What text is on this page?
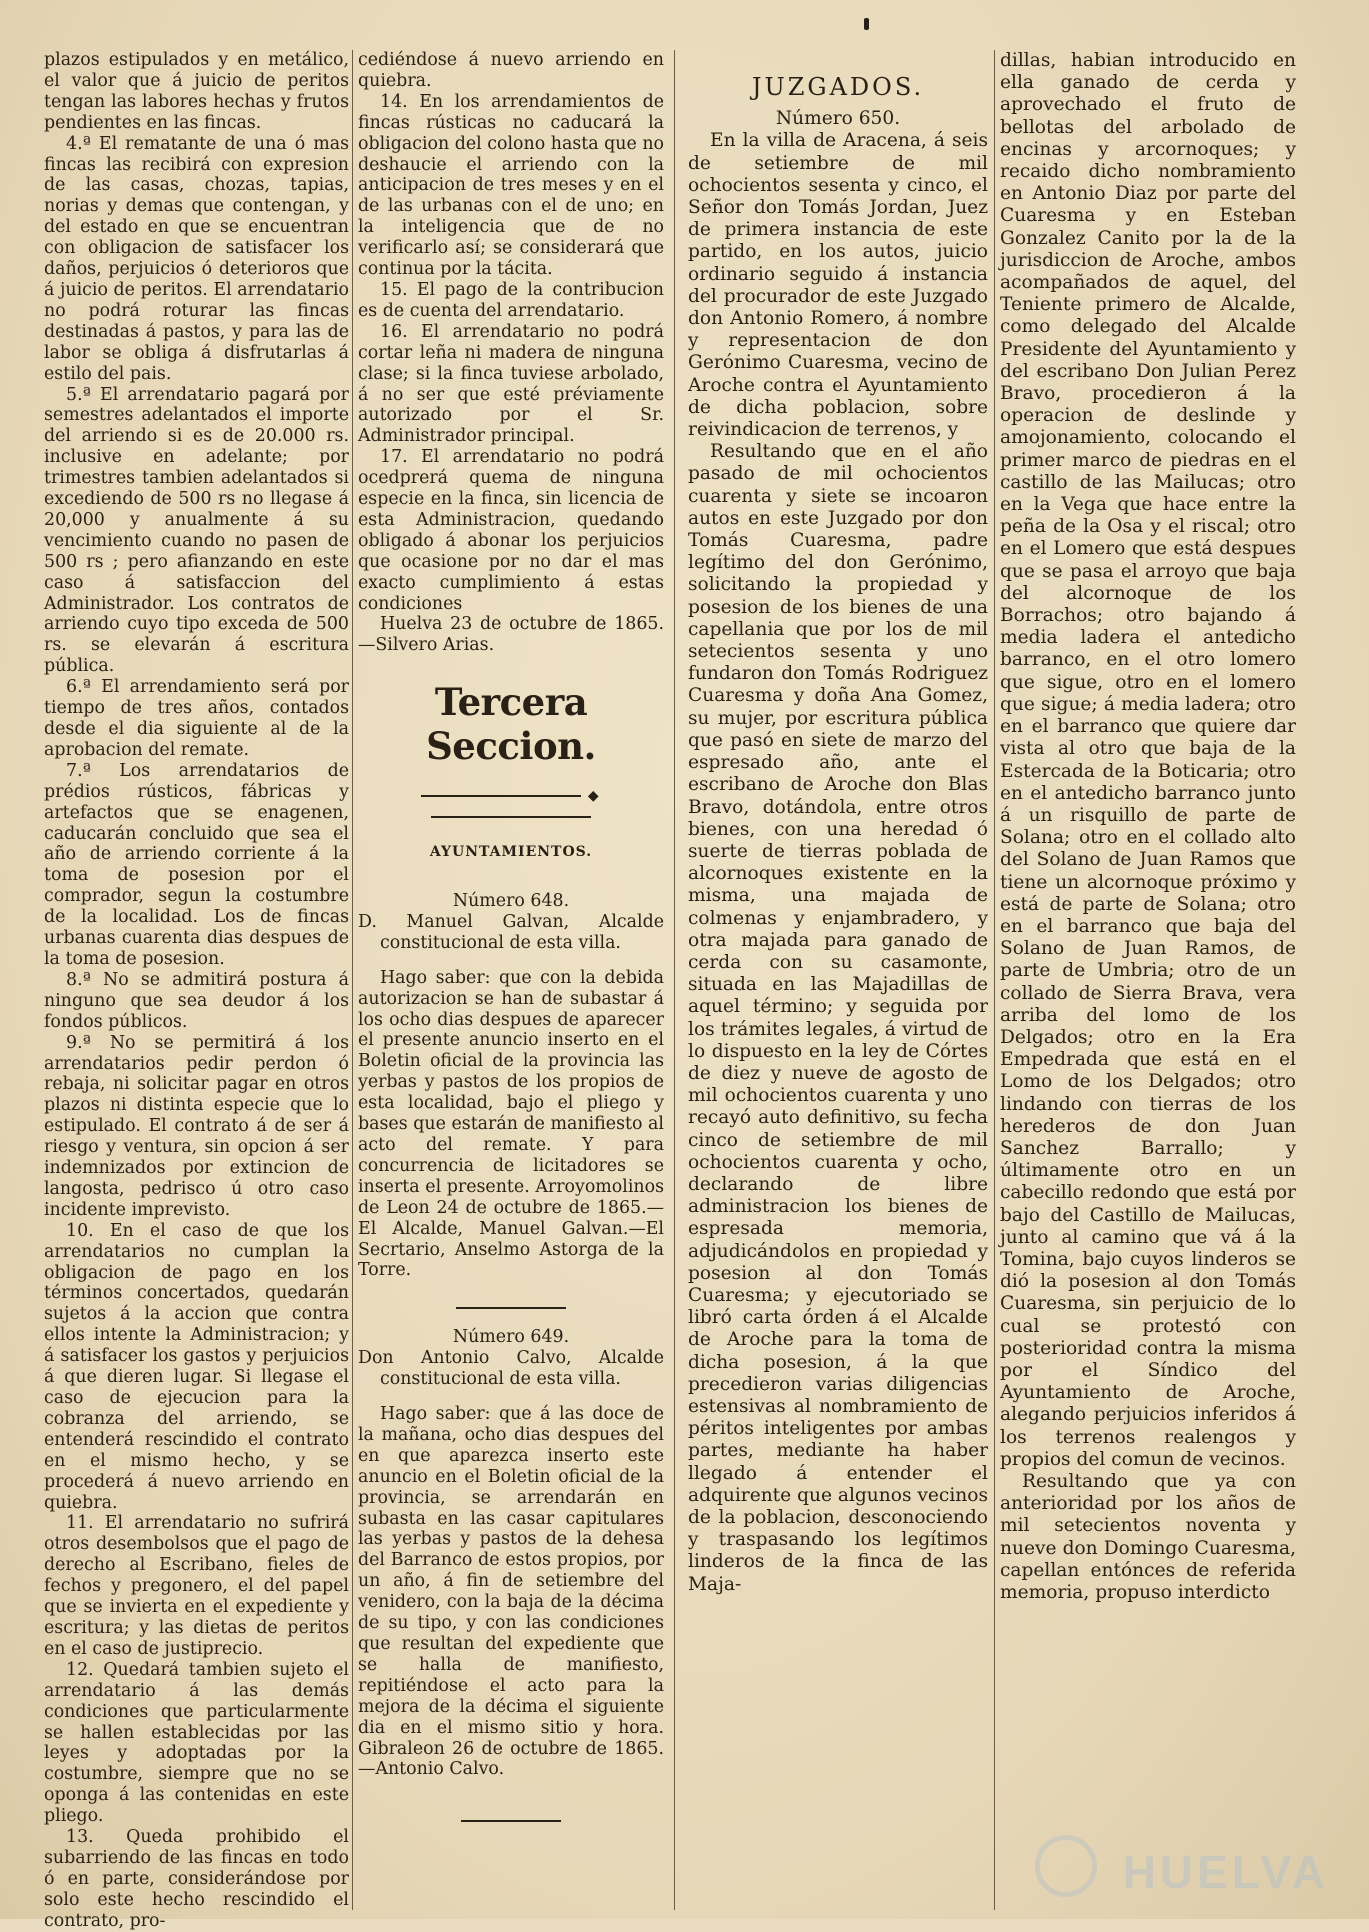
plazos estipulados y en metálico, el valor que á juicio de peritos tengan las labores hechas y frutos pendientes en las fincas.

4.ª El rematante de una ó mas fincas las recibirá con expresion de las casas, chozas, tapias, norias y demas que contengan, y del estado en que se encuentran con obligacion de satisfacer los daños, perjuicios ó deterioros que á juicio de peritos. El arrendatario no podrá roturar las fincas destinadas á pastos, y para las de labor se obliga á disfrutarlas á estilo del pais.

5.ª El arrendatario pagará por semestres adelantados el importe del arriendo si es de 20.000 rs. inclusive en adelante; por trimestres tambien adelantados si excediendo de 500 rs no llegase á 20,000 y anualmente á su vencimiento cuando no pasen de 500 rs ; pero afianzando en este caso á satisfaccion del Administrador. Los contratos de arriendo cuyo tipo exceda de 500 rs. se elevarán á escritura pública.

6.ª El arrendamiento será por tiempo de tres años, contados desde el dia siguiente al de la aprobacion del remate.

7.ª Los arrendatarios de prédios rústicos, fábricas y artefactos que se enagenen, caducarán concluido que sea el año de arriendo corriente á la toma de posesion por el comprador, segun la costumbre de la localidad. Los de fincas urbanas cuarenta dias despues de la toma de posesion.

8.ª No se admitirá postura á ninguno que sea deudor á los fondos públicos.

9.ª No se permitirá á los arrendatarios pedir perdon ó rebaja, ni solicitar pagar en otros plazos ni distinta especie que lo estipulado. El contrato á de ser á riesgo y ventura, sin opcion á ser indemnizados por extincion de langosta, pedrisco ú otro caso incidente imprevisto.

10. En el caso de que los arrendatarios no cumplan la obligacion de pago en los términos concertados, quedarán sujetos á la accion que contra ellos intente la Administracion; y á satisfacer los gastos y perjuicios á que dieren lugar. Si llegase el caso de ejecucion para la cobranza del arriendo, se entenderá rescindido el contrato en el mismo hecho, y se procederá á nuevo arriendo en quiebra.

11. El arrendatario no sufrirá otros desembolsos que el pago de derecho al Escribano, fieles de fechos y pregonero, el del papel que se invierta en el expediente y escritura; y las dietas de peritos en el caso de justiprecio.

12. Quedará tambien sujeto el arrendatario á las demás condiciones que particularmente se hallen establecidas por las leyes y adoptadas por la costumbre, siempre que no se oponga á las contenidas en este pliego.

13. Queda prohibido el subarriendo de las fincas en todo ó en parte, considerándose por solo este hecho rescindido el contrato, pro-

cediéndose á nuevo arriendo en quiebra.

14. En los arrendamientos de fincas rústicas no caducará la obligacion del colono hasta que no deshaucie el arriendo con la anticipacion de tres meses y en el de las urbanas con el de uno; en la inteligencia que de no verificarlo así; se considerará que continua por la tácita.

15. El pago de la contribucion es de cuenta del arrendatario.

16. El arrendatario no podrá cortar leña ni madera de ninguna clase; si la finca tuviese arbolado, á no ser que esté préviamente autorizado por el Sr. Administrador principal.

17. El arrendatario no podrá ocedprerá quema de ninguna especie en la finca, sin licencia de esta Administracion, quedando obligado á abonar los perjuicios que ocasione por no dar el mas exacto cumplimiento á estas condiciones

Huelva 23 de octubre de 1865. —Silvero Arias.

Tercera Seccion.
◆
AYUNTAMIENTOS.

Número 648.

D. Manuel Galvan, Alcalde constitucional de esta villa.

Hago saber: que con la debida autorizacion se han de subastar á los ocho dias despues de aparecer el presente anuncio inserto en el Boletin oficial de la provincia las yerbas y pastos de los propios de esta localidad, bajo el pliego y bases que estarán de manifiesto al acto del remate. Y para concurrencia de licitadores se inserta el presente. Arroyomolinos de Leon 24 de octubre de 1865.—El Alcalde, Manuel Galvan.—El Secrtario, Anselmo Astorga de la Torre.

Número 649.

Don Antonio Calvo, Alcalde constitucional de esta villa.

Hago saber: que á las doce de la mañana, ocho dias despues del en que aparezca inserto este anuncio en el Boletin oficial de la provincia, se arrendarán en subasta en las casar capitulares las yerbas y pastos de la dehesa del Barranco de estos propios, por un año, á fin de setiembre del venidero, con la baja de la décima de su tipo, y con las condiciones que resultan del expediente que se halla de manifiesto, repitiéndose el acto para la mejora de la décima el siguiente dia en el mismo sitio y hora. Gibraleon 26 de octubre de 1865.—Antonio Calvo.

JUZGADOS.

Número 650.

En la villa de Aracena, á seis de setiembre de mil ochocientos sesenta y cinco, el Señor don Tomás Jordan, Juez de primera instancia de este partido, en los autos, juicio ordinario seguido á instancia del procurador de este Juzgado don Antonio Romero, á nombre y representacion de don Gerónimo Cuaresma, vecino de Aroche contra el Ayuntamiento de dicha poblacion, sobre reivindicacion de terrenos, y

Resultando que en el año pasado de mil ochocientos cuarenta y siete se incoaron autos en este Juzgado por don Tomás Cuaresma, padre legítimo del don Gerónimo, solicitando la propiedad y posesion de los bienes de una capellania que por los de mil setecientos sesenta y uno fundaron don Tomás Rodriguez Cuaresma y doña Ana Gomez, su mujer, por escritura pública que pasó en siete de marzo del espresado año, ante el escribano de Aroche don Blas Bravo, dotándola, entre otros bienes, con una heredad ó suerte de tierras poblada de alcornoques existente en la misma, una majada de colmenas y enjambradero, y otra majada para ganado de cerda con su casamonte, situada en las Majadillas de aquel término; y seguida por los trámites legales, á virtud de lo dispuesto en la ley de Córtes de diez y nueve de agosto de mil ochocientos cuarenta y uno recayó auto definitivo, su fecha cinco de setiembre de mil ochocientos cuarenta y ocho, declarando de libre administracion los bienes de espresada memoria, adjudicándolos en propiedad y posesion al don Tomás Cuaresma; y ejecutoriado se libró carta órden á el Alcalde de Aroche para la toma de dicha posesion, á la que precedieron varias diligencias estensivas al nombramiento de péritos inteligentes por ambas partes, mediante ha haber llegado á entender el adquirente que algunos vecinos de la poblacion, desconociendo y traspasando los legítimos linderos de la finca de las Maja-

dillas, habian introducido en ella ganado de cerda y aprovechado el fruto de bellotas del arbolado de encinas y arcornoques; y recaido dicho nombramiento en Antonio Diaz por parte del Cuaresma y en Esteban Gonzalez Canito por la de la jurisdiccion de Aroche, ambos acompañados de aquel, del Teniente primero de Alcalde, como delegado del Alcalde Presidente del Ayuntamiento y del escribano Don Julian Perez Bravo, procedieron á la operacion de deslinde y amojonamiento, colocando el primer marco de piedras en el castillo de las Mailucas; otro en la Vega que hace entre la peña de la Osa y el riscal; otro en el Lomero que está despues que se pasa el arroyo que baja del alcornoque de los Borrachos; otro bajando á media ladera el antedicho barranco, en el otro lomero que sigue, otro en el lomero que sigue; á media ladera; otro en el barranco que quiere dar vista al otro que baja de la Estercada de la Boticaria; otro en el antedicho barranco junto á un risquillo de parte de Solana; otro en el collado alto del Solano de Juan Ramos que tiene un alcornoque próximo y está de parte de Solana; otro en el barranco que baja del Solano de Juan Ramos, de parte de Umbria; otro de un collado de Sierra Brava, vera arriba del lomo de los Delgados; otro en la Era Empedrada que está en el Lomo de los Delgados; otro lindando con tierras de los herederos de don Juan Sanchez Barrallo; y últimamente otro en un cabecillo redondo que está por bajo del Castillo de Mailucas, junto al camino que vá á la Tomina, bajo cuyos linderos se dió la posesion al don Tomás Cuaresma, sin perjuicio de lo cual se protestó con posterioridad contra la misma por el Síndico del Ayuntamiento de Aroche, alegando perjuicios inferidos á los terrenos realengos y propios del comun de vecinos.

Resultando que ya con anterioridad por los años de mil setecientos noventa y nueve don Domingo Cuaresma, capellan entónces de referida memoria, propuso interdicto

HUELVA
